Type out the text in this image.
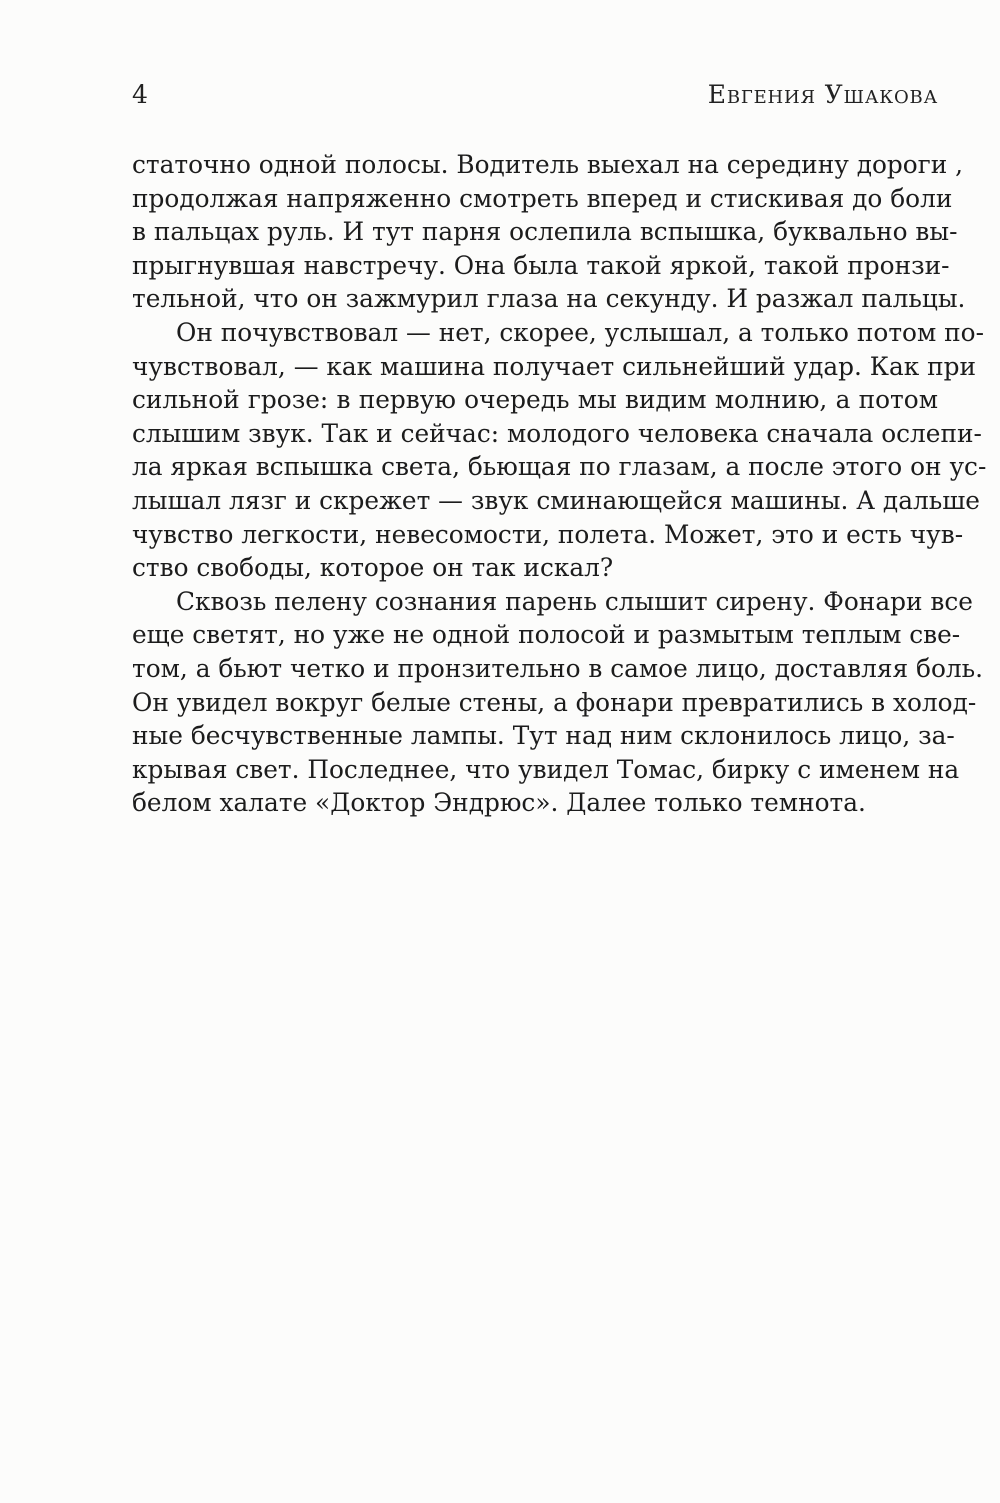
4	Евгения Ушакова
статочно одной полосы. Водитель выехал на середину дороги ,
продолжая напряженно смотреть вперед и стискивая до боли
в пальцах руль. И тут парня ослепила вспышка, буквально вы-
прыгнувшая навстречу. Она была такой яркой, такой пронзи-
тельной, что он зажмурил глаза на секунду. И разжал пальцы.
Он почувствовал — нет, скорее, услышал, а только потом по-
чувствовал, — как машина получает сильнейший удар. Как при
сильной грозе: в первую очередь мы видим молнию, а потом
слышим звук. Так и сейчас: молодого человека сначала ослепи-
ла яркая вспышка света, бьющая по глазам, а после этого он ус-
лышал лязг и скрежет — звук сминающейся машины. А дальше
чувство легкости, невесомости, полета. Может, это и есть чув-
ство свободы, которое он так искал?
Сквозь пелену сознания парень слышит сирену. Фонари все
еще светят, но уже не одной полосой и размытым теплым све-
том, а бьют четко и пронзительно в самое лицо, доставляя боль.
Он увидел вокруг белые стены, а фонари превратились в холод-
ные бесчувственные лампы. Тут над ним склонилось лицо, за-
крывая свет. Последнее, что увидел Томас, бирку с именем на
белом халате «Доктор Эндрюс». Далее только темнота.
